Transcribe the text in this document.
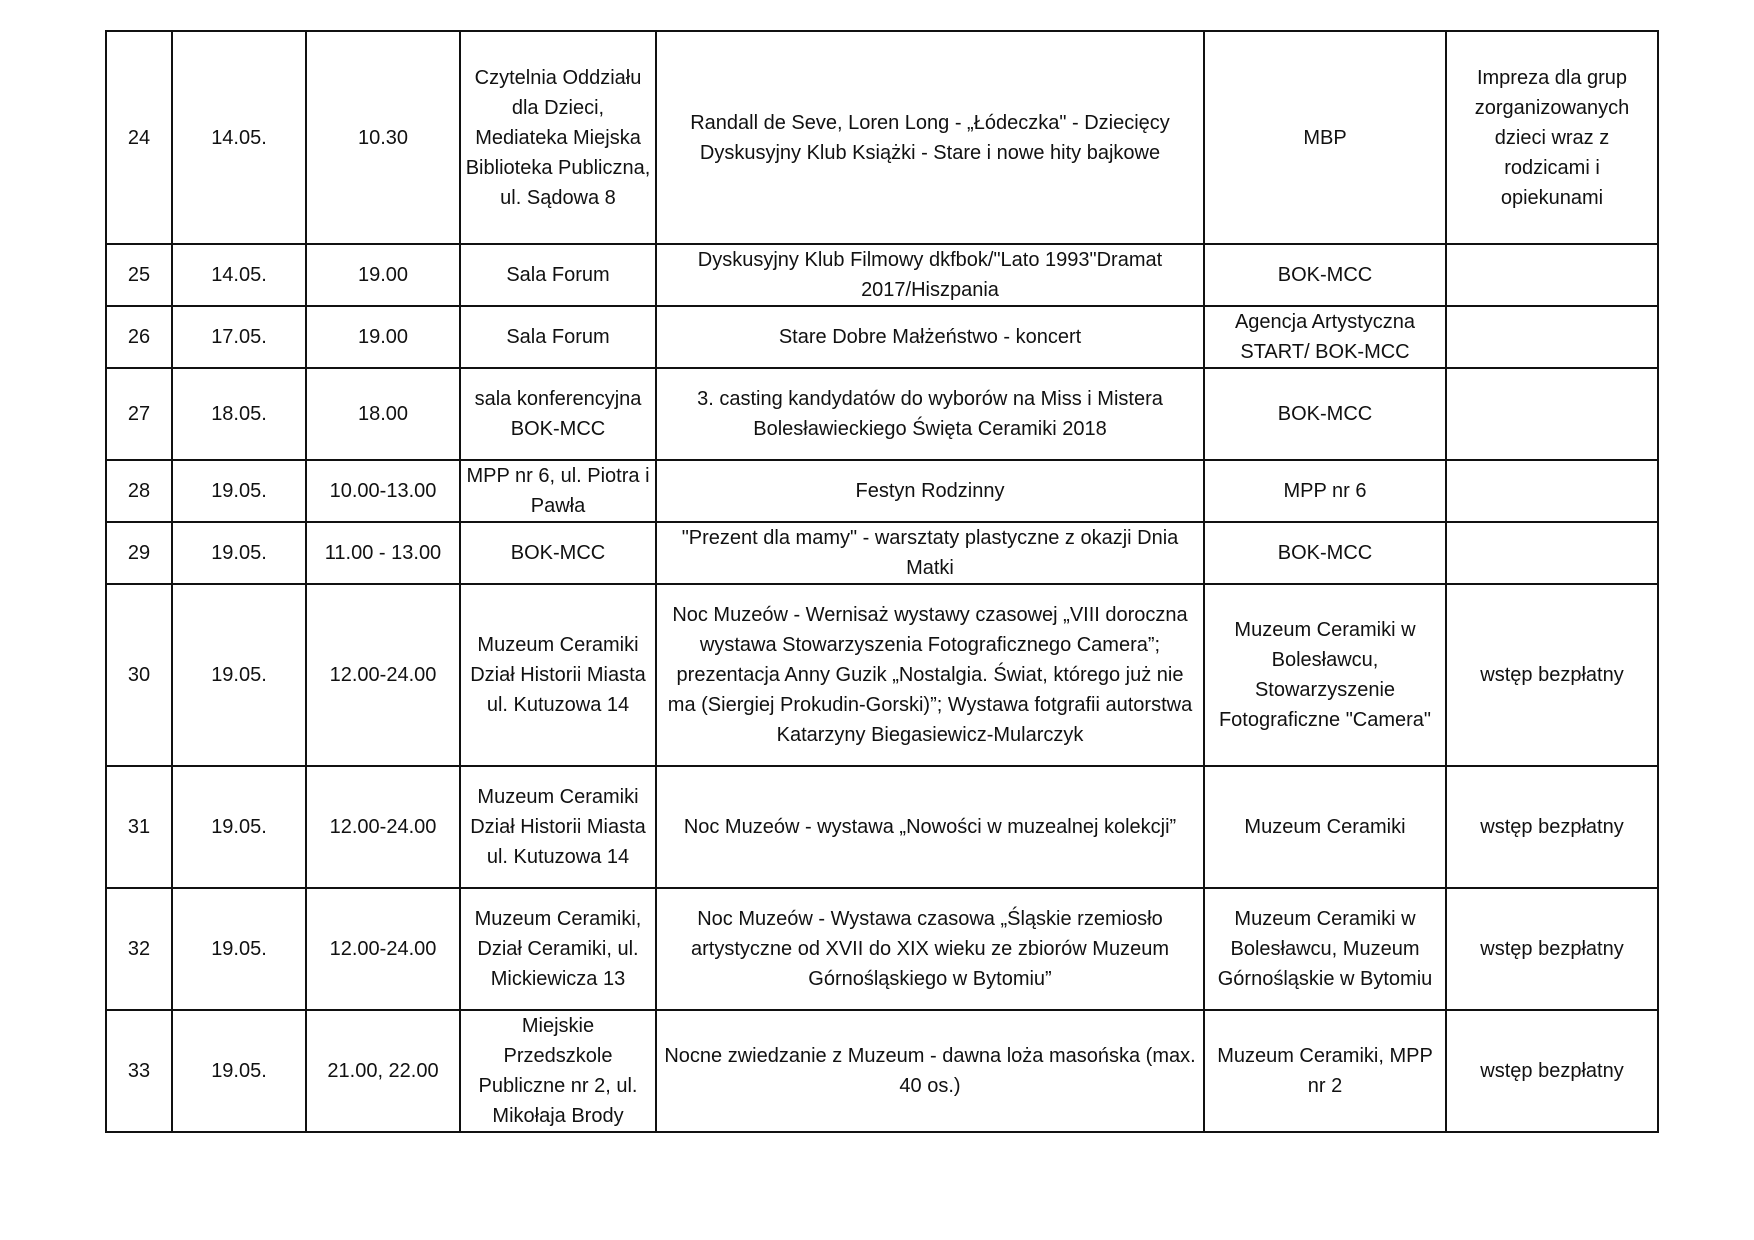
24	14.05.	10.30	Czytelnia Oddziału dla Dzieci, Mediateka Miejska Biblioteka Publiczna, ul. Sądowa 8	Randall de Seve, Loren Long - „Łódeczka" - Dziecięcy Dyskusyjny Klub Książki - Stare i nowe hity bajkowe	MBP	Impreza dla grup zorganizowanych dzieci wraz z rodzicami i opiekunami
25	14.05.	19.00	Sala Forum	Dyskusyjny Klub Filmowy dkfbok/"Lato 1993"Dramat 2017/Hiszpania	BOK-MCC	
26	17.05.	19.00	Sala Forum	Stare Dobre Małżeństwo - koncert	Agencja Artystyczna START/ BOK-MCC	
27	18.05.	18.00	sala konferencyjna BOK-MCC	3. casting kandydatów do wyborów na Miss i Mistera Bolesławieckiego Święta Ceramiki 2018	BOK-MCC	
28	19.05.	10.00-13.00	MPP nr 6, ul. Piotra i Pawła	Festyn Rodzinny	MPP nr 6	
29	19.05.	11.00 - 13.00	BOK-MCC	"Prezent dla mamy" - warsztaty plastyczne z okazji Dnia Matki	BOK-MCC	
30	19.05.	12.00-24.00	Muzeum Ceramiki Dział Historii Miasta ul. Kutuzowa 14	Noc Muzeów - Wernisaż wystawy czasowej „VIII doroczna wystawa Stowarzyszenia Fotograficznego Camera”; prezentacja Anny Guzik „Nostalgia. Świat, którego już nie ma (Siergiej Prokudin-Gorski)”; Wystawa fotgrafii autorstwa Katarzyny Biegasiewicz-Mularczyk	Muzeum Ceramiki w Bolesławcu, Stowarzyszenie Fotograficzne "Camera"	wstęp bezpłatny
31	19.05.	12.00-24.00	Muzeum Ceramiki Dział Historii Miasta ul. Kutuzowa 14	Noc Muzeów - wystawa „Nowości w muzealnej kolekcji”	Muzeum Ceramiki	wstęp bezpłatny
32	19.05.	12.00-24.00	Muzeum Ceramiki, Dział Ceramiki, ul. Mickiewicza 13	Noc Muzeów - Wystawa czasowa „Śląskie rzemiosło artystyczne od XVII do XIX wieku ze zbiorów Muzeum Górnośląskiego w Bytomiu”	Muzeum Ceramiki w Bolesławcu, Muzeum Górnośląskie w Bytomiu	wstęp bezpłatny
33	19.05.	21.00, 22.00	Miejskie Przedszkole Publiczne nr 2, ul. Mikołaja Brody	Nocne zwiedzanie z Muzeum - dawna loża masońska (max. 40 os.)	Muzeum Ceramiki, MPP nr 2	wstęp bezpłatny
